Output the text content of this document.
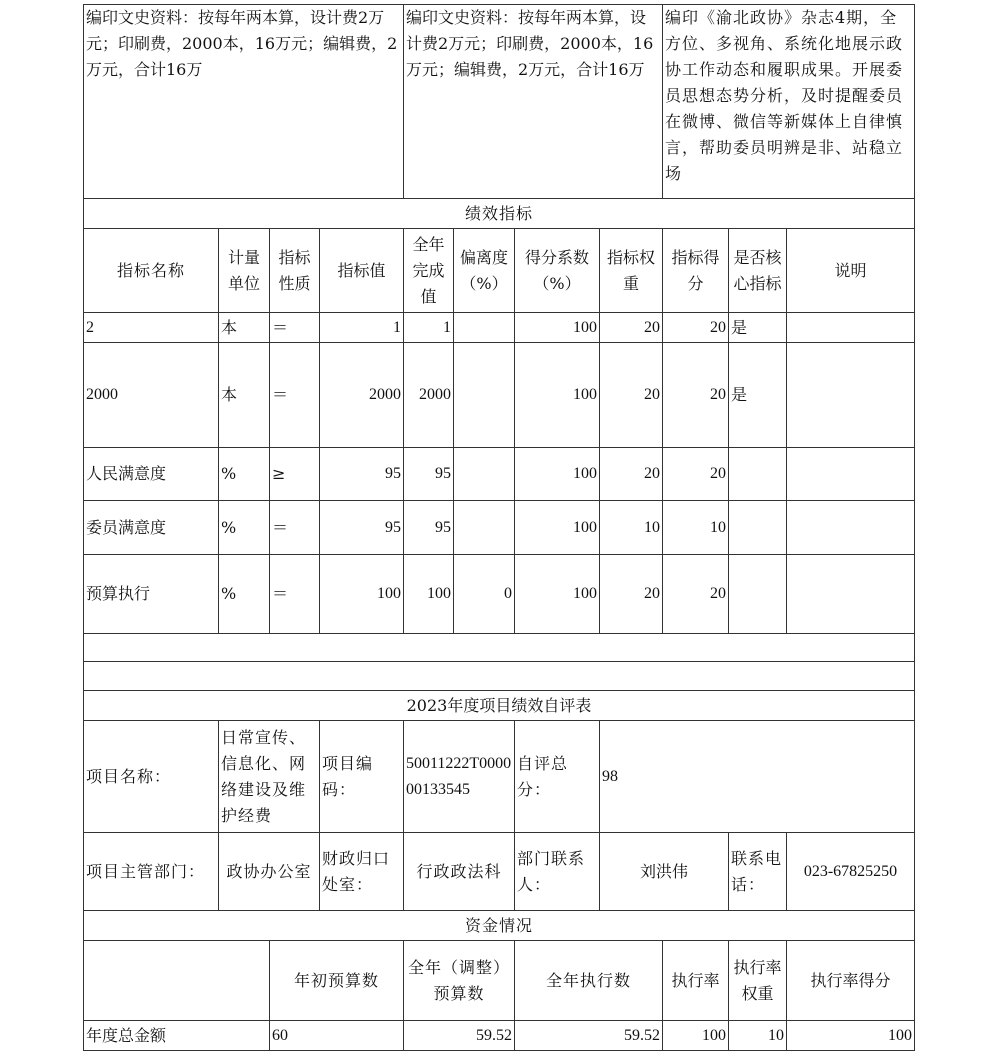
编印文史资料：按每年两本算，设计费2万元；印刷费，2000本，16万元；编辑费，2万元，合计16万				编印文史资料：按每年两本算，设计费2万元；印刷费，2000本，16万元；编辑费，2万元，合计16万				编印《渝北政协》杂志4期，全方位、多视角、系统化地展示政协工作动态和履职成果。开展委员思想态势分析，及时提醒委员在微博、微信等新媒体上自律慎言，帮助委员明辨是非、站稳立场		
绩效指标										
指标名称	计量单位	指标性质	指标值	全年完成值	偏离度（%）	得分系数（%）	指标权重	指标得分	是否核心指标	说明
2	本	＝	1	1		100	20	20	是	
2000	本	＝	2000	2000		100	20	20	是	
人民满意度	%	≥	95	95		100	20	20		
委员满意度	%	＝	95	95		100	10	10		
预算执行	%	＝	100	100	0	100	20	20		

2023年度项目绩效自评表										
项目名称：	日常宣传、信息化、网络建设及维护经费		项目编码：	50011222T000000133545		自评总分：	98			
项目主管部门：	政协办公室		财政归口处室：	行政政法科		部门联系人：	刘洪伟		联系电话：	023-67825250
资金情况										
		年初预算数		全年（调整）预算数		全年执行数		执行率	执行率权重	执行率得分
年度总金额		60		59.52		59.52		100	10	100
